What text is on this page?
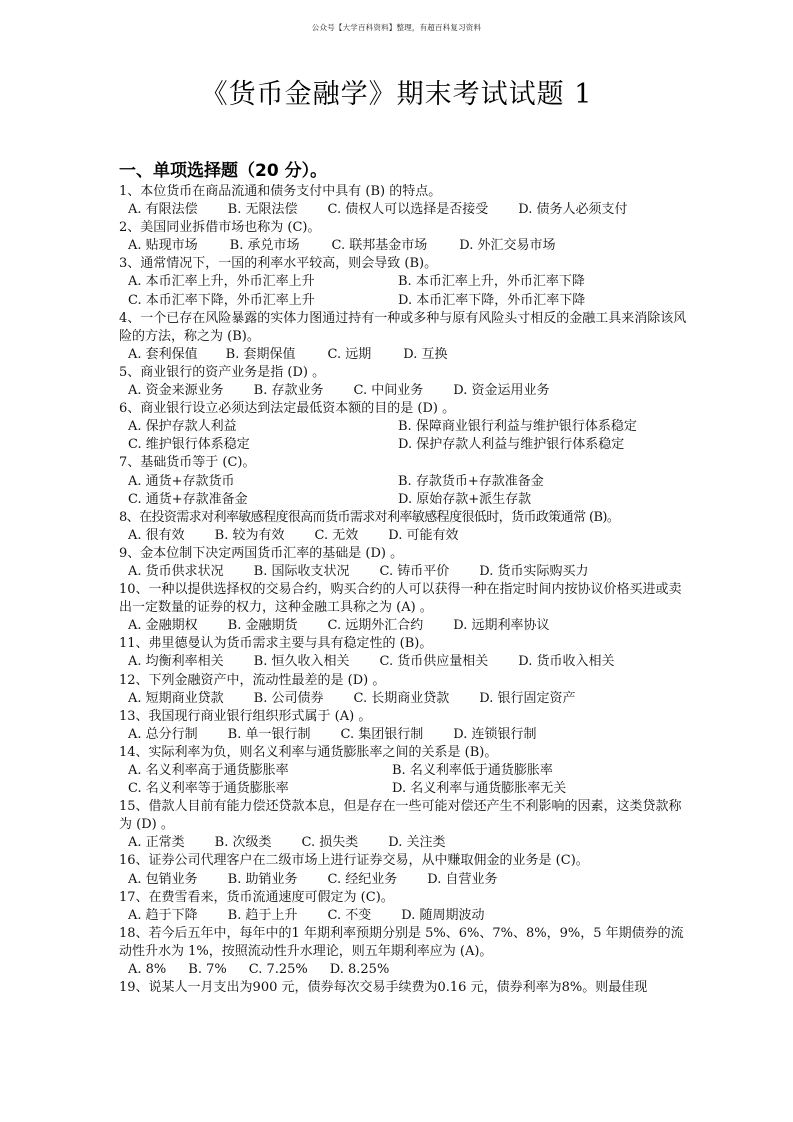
公众号【大学百科资料】整理，有超百科复习资料
《货币金融学》期末考试试题 1
一、单项选择题（20 分）。
1、本位货币在商品流通和债务支付中具有 (B) 的特点。
A. 有限法偿 B. 无限法偿 C. 债权人可以选择是否接受 D. 债务人必须支付
2、美国同业拆借市场也称为 (C)。
A. 贴现市场 B. 承兑市场 C. 联邦基金市场 D. 外汇交易市场
3、通常情况下，一国的利率水平较高，则会导致 (B)。
A. 本币汇率上升，外币汇率上升	B. 本币汇率上升，外币汇率下降
C. 本币汇率下降，外币汇率上升	D. 本币汇率下降，外币汇率下降
4、一个已存在风险暴露的实体力图通过持有一种或多种与原有风险头寸相反的金融工具来消除该风险的方法，称之为 (B)。
A. 套利保值 B. 套期保值 C. 远期 D. 互换
5、商业银行的资产业务是指 (D) 。
A. 资金来源业务 B. 存款业务 C. 中间业务 D. 资金运用业务
6、商业银行设立必须达到法定最低资本额的目的是 (D) 。
A. 保护存款人利益	B. 保障商业银行利益与维护银行体系稳定
C. 维护银行体系稳定	D. 保护存款人利益与维护银行体系稳定
7、基础货币等于 (C)。
A. 通货+存款货币	B. 存款货币+存款准备金
C. 通货+存款准备金	D. 原始存款+派生存款
8、在投资需求对利率敏感程度很高而货币需求对利率敏感程度很低时，货币政策通常 (B)。
A. 很有效 B. 较为有效 C. 无效 D. 可能有效
9、金本位制下决定两国货币汇率的基础是 (D) 。
A. 货币供求状况 B. 国际收支状况 C. 铸币平价 D. 货币实际购买力
10、一种以提供选择权的交易合约，购买合约的人可以获得一种在指定时间内按协议价格买进或卖出一定数量的证券的权力，这种金融工具称之为 (A) 。
A. 金融期权 B. 金融期货 C. 远期外汇合约 D. 远期利率协议
11、弗里德曼认为货币需求主要与具有稳定性的 (B)。
A. 均衡利率相关 B. 恒久收入相关 C. 货币供应量相关 D. 货币收入相关
12、下列金融资产中，流动性最差的是 (D) 。
A. 短期商业贷款 B. 公司债券 C. 长期商业贷款 D. 银行固定资产
13、我国现行商业银行组织形式属于 (A) 。
A. 总分行制 B. 单一银行制 C. 集团银行制 D. 连锁银行制
14、实际利率为负，则名义利率与通货膨胀率之间的关系是 (B)。
A. 名义利率高于通货膨胀率	B. 名义利率低于通货膨胀率
C. 名义利率等于通货膨胀率	D. 名义利率与通货膨胀率无关
15、借款人目前有能力偿还贷款本息，但是存在一些可能对偿还产生不利影响的因素，这类贷款称为 (D) 。
A. 正常类 B. 次级类 C. 损失类 D. 关注类
16、证券公司代理客户在二级市场上进行证券交易，从中赚取佣金的业务是 (C)。
A. 包销业务 B. 助销业务 C. 经纪业务 D. 自营业务
17、在费雪看来，货币流通速度可假定为 (C)。
A. 趋于下降 B. 趋于上升 C. 不变 D. 随周期波动
18、若今后五年中，每年中的1 年期利率预期分别是 5%、6%、7%、8%，9%，5 年期债券的流动性升水为 1%，按照流动性升水理论，则五年期利率应为 (A)。
A. 8% B. 7% C. 7.25% D. 8.25%
19、说某人一月支出为900 元，债券每次交易手续费为0.16 元，债券利率为8%。则最佳现
